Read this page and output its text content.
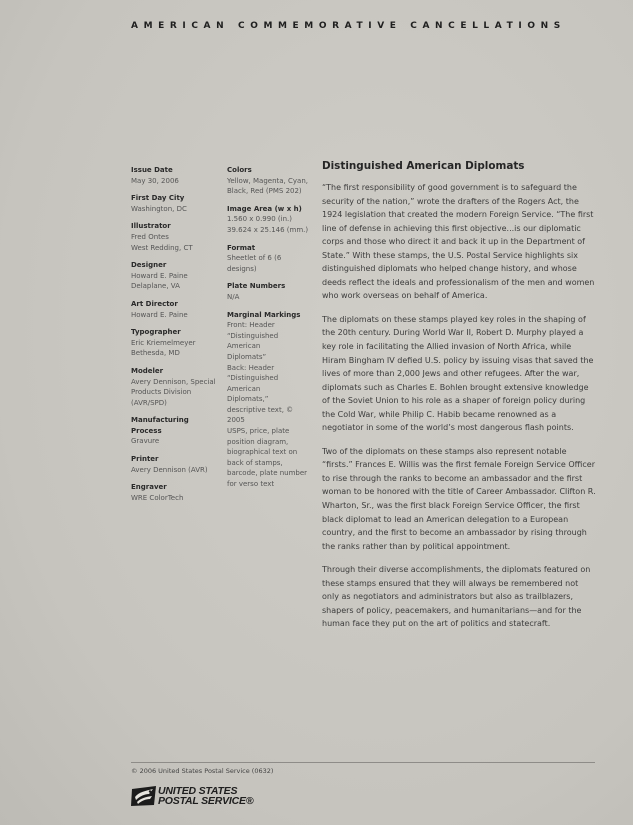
AMERICAN COMMEMORATIVE CANCELLATIONS
Issue Date
May 30, 2006
First Day City
Washington, DC
Illustrator
Fred Ontes
West Redding, CT
Designer
Howard E. Paine
Delaplane, VA
Art Director
Howard E. Paine
Typographer
Eric Kriemelmeyer
Bethesda, MD
Modeler
Avery Dennison, Special
Products Division
(AVR/SPD)
Manufacturing Process
Gravure
Printer
Avery Dennison (AVR)
Engraver
WRE ColorTech
Colors
Yellow, Magenta, Cyan,
Black, Red (PMS 202)
Image Area (w x h)
1.560 x 0.990 (in.)
39.624 x 25.146 (mm.)
Format
Sheetlet of 6 (6 designs)
Plate Numbers
N/A
Marginal Markings
Front: Header
“Distinguished American
Diplomats”
Back: Header
“Distinguished American
Diplomats,”
descriptive text, © 2005
USPS, price, plate
position diagram,
biographical text on
back of stamps,
barcode, plate number
for verso text
Distinguished American Diplomats

“The first responsibility of good government is to safeguard the security of the nation,” wrote the drafters of the Rogers Act, the 1924 legislation that created the modern Foreign Service. “The first line of defense in achieving this first objective...is our diplomatic corps and those who direct it and back it up in the Department of State.” With these stamps, the U.S. Postal Service highlights six distinguished diplomats who helped change history, and whose deeds reflect the ideals and professionalism of the men and women who work overseas on behalf of America.

The diplomats on these stamps played key roles in the shaping of the 20th century. During World War II, Robert D. Murphy played a key role in facilitating the Allied invasion of North Africa, while Hiram Bingham IV defied U.S. policy by issuing visas that saved the lives of more than 2,000 Jews and other refugees. After the war, diplomats such as Charles E. Bohlen brought extensive knowledge of the Soviet Union to his role as a shaper of foreign policy during the Cold War, while Philip C. Habib became renowned as a negotiator in some of the world’s most dangerous flash points.

Two of the diplomats on these stamps also represent notable “firsts.” Frances E. Willis was the first female Foreign Service Officer to rise through the ranks to become an ambassador and the first woman to be honored with the title of Career Ambassador. Clifton R. Wharton, Sr., was the first black Foreign Service Officer, the first black diplomat to lead an American delegation to a European country, and the first to become an ambassador by rising through the ranks rather than by political appointment.

Through their diverse accomplishments, the diplomats featured on these stamps ensured that they will always be remembered not only as negotiators and administrators but also as trailblazers, shapers of policy, peacemakers, and humanitarians—and for the human face they put on the art of politics and statecraft.

© 2006 United States Postal Service (0632)
UNITED STATES
POSTAL SERVICE®
